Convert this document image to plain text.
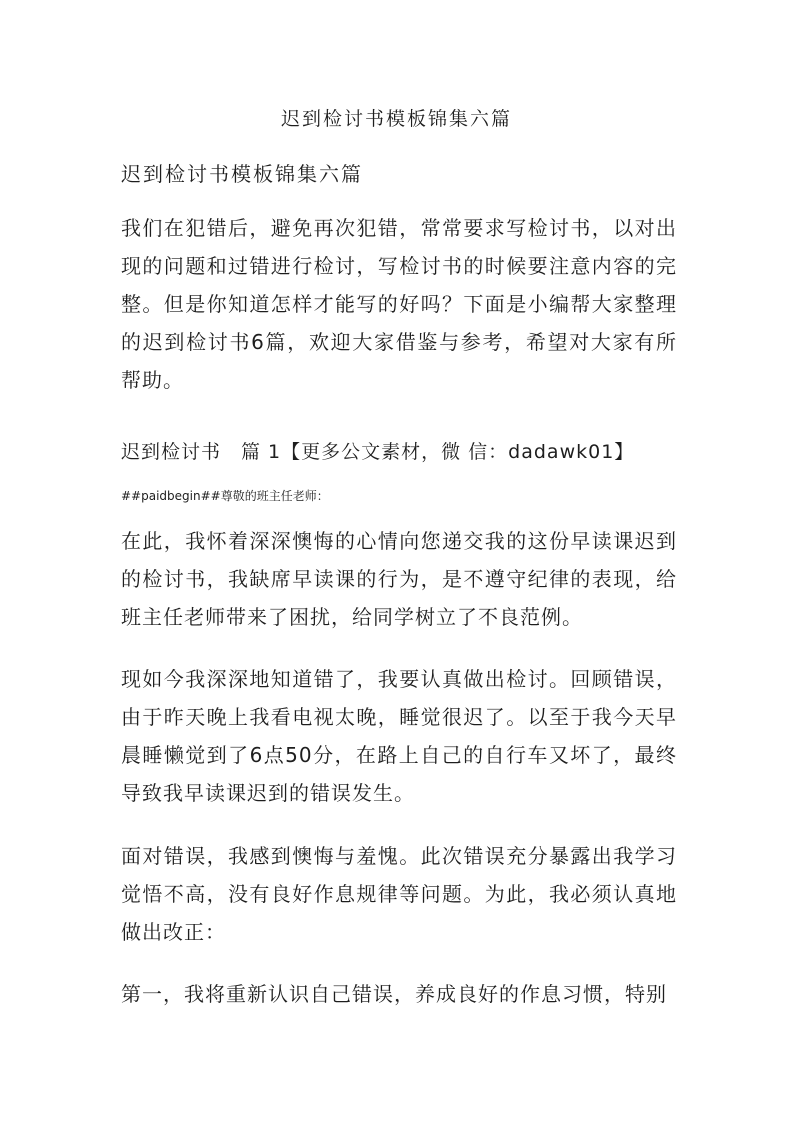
迟到检讨书模板锦集六篇
迟到检讨书模板锦集六篇

我们在犯错后，避免再次犯错，常常要求写检讨书，以对出现的问题和过错进行检讨，写检讨书的时候要注意内容的完整。但是你知道怎样才能写的好吗？下面是小编帮大家整理的迟到检讨书6篇，欢迎大家借鉴与参考，希望对大家有所帮助。

迟到检讨书　篇 1【更多公文素材，微 信：dadawk01】
##paidbegin##尊敬的班主任老师：

在此，我怀着深深懊悔的心情向您递交我的这份早读课迟到的检讨书，我缺席早读课的行为，是不遵守纪律的表现，给班主任老师带来了困扰，给同学树立了不良范例。

现如今我深深地知道错了，我要认真做出检讨。回顾错误，由于昨天晚上我看电视太晚，睡觉很迟了。以至于我今天早晨睡懒觉到了6点50分，在路上自己的自行车又坏了，最终导致我早读课迟到的错误发生。

面对错误，我感到懊悔与羞愧。此次错误充分暴露出我学习觉悟不高，没有良好作息规律等问题。为此，我必须认真地做出改正：

第一，我将重新认识自己错误，养成良好的作息习惯，特别
